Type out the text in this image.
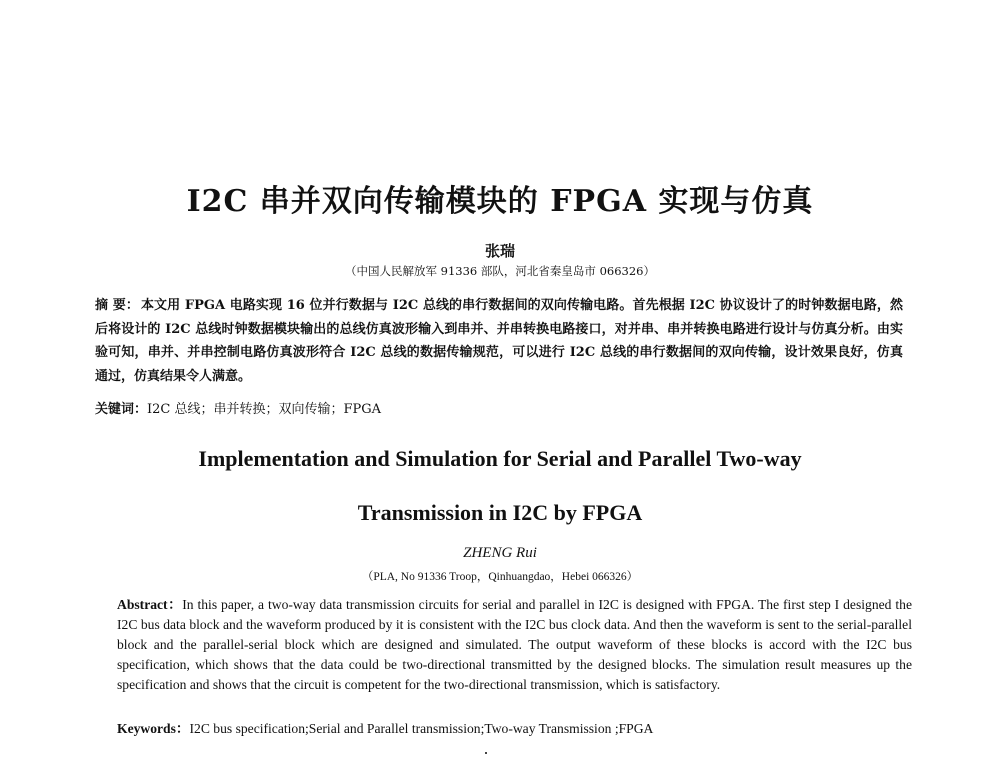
I2C 串并双向传输模块的 FPGA 实现与仿真
张瑞
（中国人民解放军 91336 部队，河北省秦皇岛市 066326）
摘 要： 本文用 FPGA 电路实现 16 位并行数据与 I2C 总线的串行数据间的双向传输电路。首先根据 I2C 协议设计了的时钟数据电路，然后将设计的 I2C 总线时钟数据模块输出的总线仿真波形输入到串并、并串转换电路接口，对并串、串并转换电路进行设计与仿真分析。由实验可知，串并、并串控制电路仿真波形符合 I2C 总线的数据传输规范，可以进行 I2C 总线的串行数据间的双向传输，设计效果良好，仿真通过，仿真结果令人满意。
关键词：I2C 总线；串并转换；双向传输；FPGA
Implementation and Simulation for Serial and Parallel Two-way
Transmission in I2C by FPGA
ZHENG Rui
（PLA, No 91336 Troop，Qinhuangdao，Hebei 066326）
Abstract：In this paper, a two-way data transmission circuits for serial and parallel in I2C is designed with FPGA. The first step I designed the I2C bus data block and the waveform produced by it is consistent with the I2C bus clock data. And then the waveform is sent to the serial-parallel block and the parallel-serial block which are designed and simulated. The output waveform of these blocks is accord with the I2C bus specification, which shows that the data could be two-directional transmitted by the designed blocks. The simulation result measures up the specification and shows that the circuit is competent for the two-directional transmission, which is satisfactory.
Keywords：I2C bus specification;Serial and Parallel transmission;Two-way Transmission ;FPGA
